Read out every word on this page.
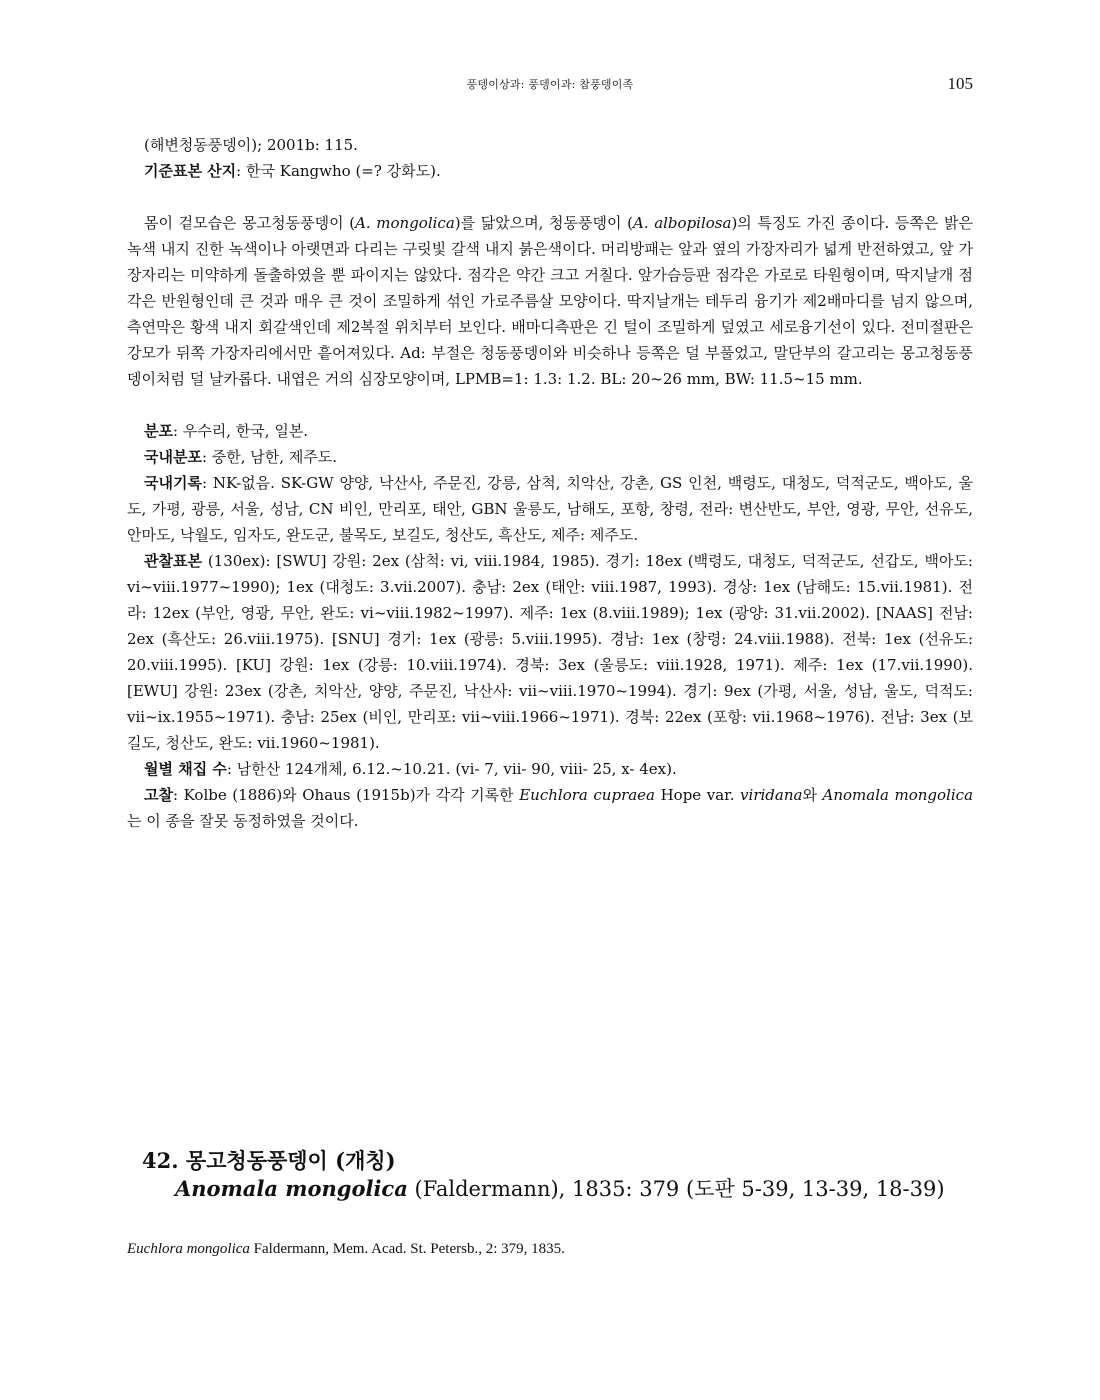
풍뎅이상과: 풍뎅이과: 참풍뎅이족	105

(해변청동풍뎅이); 2001b: 115.

기준표본 산지: 한국 Kangwho (=? 강화도).

몸이 겉모습은 몽고청동풍뎅이 (A. mongolica)를 닮았으며, 청동풍뎅이 (A. albopilosa)의 특징도 가진 종이다. 등쪽은 밝은 녹색 내지 진한 녹색이나 아랫면과 다리는 구릿빛 갈색 내지 붉은색이다. 머리방패는 앞과 옆의 가장자리가 넓게 반전하였고, 앞 가장자리는 미약하게 돌출하였을 뿐 파이지는 않았다. 점각은 약간 크고 거칠다. 앞가슴등판 점각은 가로로 타원형이며, 딱지날개 점각은 반원형인데 큰 것과 매우 큰 것이 조밀하게 섞인 가로주름살 모양이다. 딱지날개는 테두리 융기가 제2배마디를 넘지 않으며, 측연막은 황색 내지 회갈색인데 제2복절 위치부터 보인다. 배마디측판은 긴 털이 조밀하게 덮였고 세로융기선이 있다. 전미절판은 강모가 뒤쪽 가장자리에서만 흩어져있다. Ad: 부절은 청동풍뎅이와 비슷하나 등쪽은 덜 부풀었고, 말단부의 갈고리는 몽고청동풍뎅이처럼 덜 날카롭다. 내엽은 거의 심장모양이며, LPMB=1: 1.3: 1.2. BL: 20~26 mm, BW: 11.5~15 mm.

분포: 우수리, 한국, 일본.

국내분포: 중한, 남한, 제주도.

국내기록: NK-없음. SK-GW 양양, 낙산사, 주문진, 강릉, 삼척, 치악산, 강촌, GS 인천, 백령도, 대청도, 덕적군도, 백아도, 울도, 가평, 광릉, 서울, 성남, CN 비인, 만리포, 태안, GBN 울릉도, 남해도, 포항, 창령, 전라: 변산반도, 부안, 영광, 무안, 선유도, 안마도, 낙월도, 임자도, 완도군, 불목도, 보길도, 청산도, 흑산도, 제주: 제주도.

관찰표본 (130ex): [SWU] 강원: 2ex (삼척: vi, viii.1984, 1985). 경기: 18ex (백령도, 대청도, 덕적군도, 선갑도, 백아도: vi~viii.1977~1990); 1ex (대청도: 3.vii.2007). 충남: 2ex (태안: viii.1987, 1993). 경상: 1ex (남해도: 15.vii.1981). 전라: 12ex (부안, 영광, 무안, 완도: vi~viii.1982~1997). 제주: 1ex (8.viii.1989); 1ex (광양: 31.vii.2002). [NAAS] 전남: 2ex (흑산도: 26.viii.1975). [SNU] 경기: 1ex (광릉: 5.viii.1995). 경남: 1ex (창령: 24.viii.1988). 전북: 1ex (선유도: 20.viii.1995). [KU] 강원: 1ex (강릉: 10.viii.1974). 경북: 3ex (울릉도: viii.1928, 1971). 제주: 1ex (17.vii.1990). [EWU] 강원: 23ex (강촌, 치악산, 양양, 주문진, 낙산사: vii~viii.1970~1994). 경기: 9ex (가평, 서울, 성남, 울도, 덕적도: vii~ix.1955~1971). 충남: 25ex (비인, 만리포: vii~viii.1966~1971). 경북: 22ex (포항: vii.1968~1976). 전남: 3ex (보길도, 청산도, 완도: vii.1960~1981).

월별 채집 수: 남한산 124개체, 6.12.~10.21. (vi- 7, vii- 90, viii- 25, x- 4ex).

고찰: Kolbe (1886)와 Ohaus (1915b)가 각각 기록한 Euchlora cupraea Hope var. viridana와 Anomala mongolica는 이 종을 잘못 동정하였을 것이다.

42. 몽고청동풍뎅이 (개칭)
Anomala mongolica (Faldermann), 1835: 379 (도판 5-39, 13-39, 18-39)
Euchlora mongolica Faldermann, Mem. Acad. St. Petersb., 2: 379, 1835.
